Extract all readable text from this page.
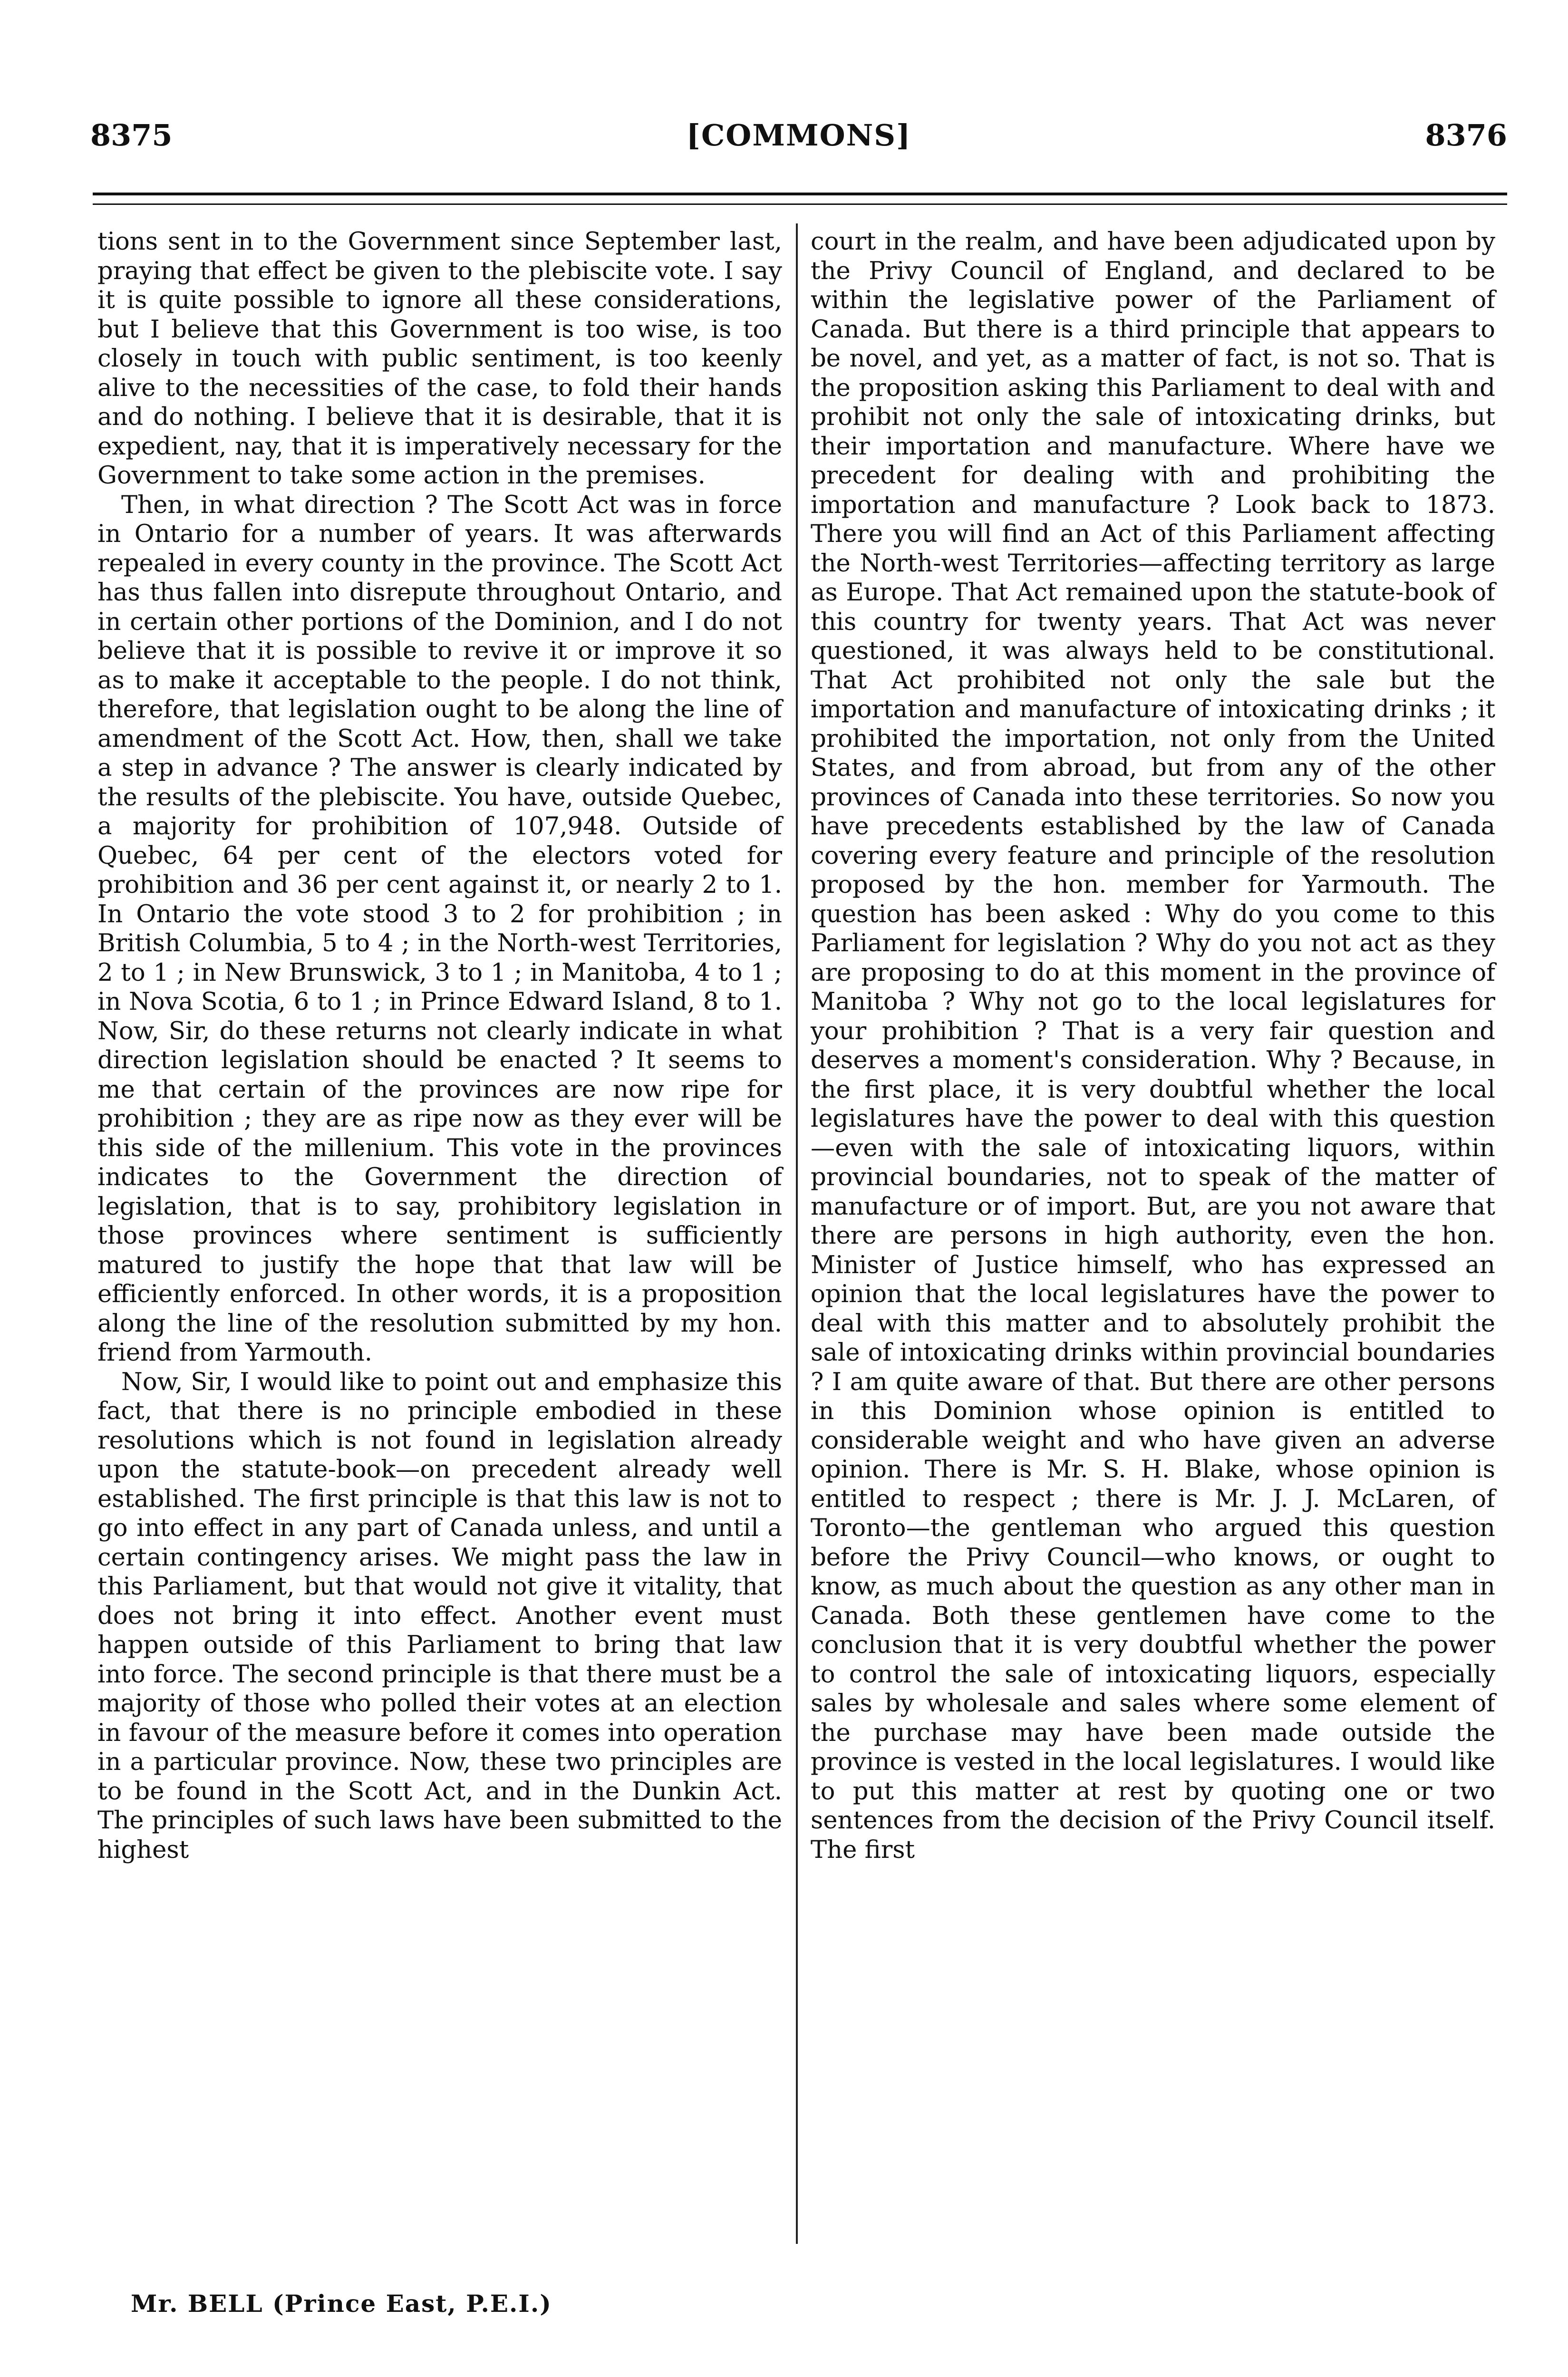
8375	[COMMONS]	8376

tions sent in to the Government since September last, praying that effect be given to the plebiscite vote. I say it is quite possible to ignore all these considerations, but I believe that this Government is too wise, is too closely in touch with public sentiment, is too keenly alive to the necessities of the case, to fold their hands and do nothing. I believe that it is desirable, that it is expedient, nay, that it is imperatively necessary for the Government to take some action in the premises.

Then, in what direction ? The Scott Act was in force in Ontario for a number of years. It was afterwards repealed in every county in the province. The Scott Act has thus fallen into disrepute throughout Ontario, and in certain other portions of the Dominion, and I do not believe that it is possible to revive it or improve it so as to make it acceptable to the people. I do not think, therefore, that legislation ought to be along the line of amendment of the Scott Act. How, then, shall we take a step in advance ? The answer is clearly indicated by the results of the plebiscite. You have, outside Quebec, a majority for prohibition of 107,948. Outside of Quebec, 64 per cent of the electors voted for prohibition and 36 per cent against it, or nearly 2 to 1. In Ontario the vote stood 3 to 2 for prohibition ; in British Columbia, 5 to 4 ; in the North-west Territories, 2 to 1 ; in New Brunswick, 3 to 1 ; in Manitoba, 4 to 1 ; in Nova Scotia, 6 to 1 ; in Prince Edward Island, 8 to 1. Now, Sir, do these returns not clearly indicate in what direction legislation should be enacted ? It seems to me that certain of the provinces are now ripe for prohibition ; they are as ripe now as they ever will be this side of the millenium. This vote in the provinces indicates to the Government the direction of legislation, that is to say, prohibitory legislation in those provinces where sentiment is sufficiently matured to justify the hope that that law will be efficiently enforced. In other words, it is a proposition along the line of the resolution submitted by my hon. friend from Yarmouth.

Now, Sir, I would like to point out and emphasize this fact, that there is no principle embodied in these resolutions which is not found in legislation already upon the statute-book—on precedent already well established. The first principle is that this law is not to go into effect in any part of Canada unless, and until a certain contingency arises. We might pass the law in this Parliament, but that would not give it vitality, that does not bring it into effect. Another event must happen outside of this Parliament to bring that law into force. The second principle is that there must be a majority of those who polled their votes at an election in favour of the measure before it comes into operation in a particular province. Now, these two principles are to be found in the Scott Act, and in the Dunkin Act. The principles of such laws have been submitted to the highest

court in the realm, and have been adjudicated upon by the Privy Council of England, and declared to be within the legislative power of the Parliament of Canada. But there is a third principle that appears to be novel, and yet, as a matter of fact, is not so. That is the proposition asking this Parliament to deal with and prohibit not only the sale of intoxicating drinks, but their importation and manufacture. Where have we precedent for dealing with and prohibiting the importation and manufacture ? Look back to 1873. There you will find an Act of this Parliament affecting the North-west Territories—affecting territory as large as Europe. That Act remained upon the statute-book of this country for twenty years. That Act was never questioned, it was always held to be constitutional. That Act prohibited not only the sale but the importation and manufacture of intoxicating drinks ; it prohibited the importation, not only from the United States, and from abroad, but from any of the other provinces of Canada into these territories. So now you have precedents established by the law of Canada covering every feature and principle of the resolution proposed by the hon. member for Yarmouth. The question has been asked : Why do you come to this Parliament for legislation ? Why do you not act as they are proposing to do at this moment in the province of Manitoba ? Why not go to the local legislatures for your prohibition ? That is a very fair question and deserves a moment's consideration. Why ? Because, in the first place, it is very doubtful whether the local legislatures have the power to deal with this question—even with the sale of intoxicating liquors, within provincial boundaries, not to speak of the matter of manufacture or of import. But, are you not aware that there are persons in high authority, even the hon. Minister of Justice himself, who has expressed an opinion that the local legislatures have the power to deal with this matter and to absolutely prohibit the sale of intoxicating drinks within provincial boundaries ? I am quite aware of that. But there are other persons in this Dominion whose opinion is entitled to considerable weight and who have given an adverse opinion. There is Mr. S. H. Blake, whose opinion is entitled to respect ; there is Mr. J. J. McLaren, of Toronto—the gentleman who argued this question before the Privy Council—who knows, or ought to know, as much about the question as any other man in Canada. Both these gentlemen have come to the conclusion that it is very doubtful whether the power to control the sale of intoxicating liquors, especially sales by wholesale and sales where some element of the purchase may have been made outside the province is vested in the local legislatures. I would like to put this matter at rest by quoting one or two sentences from the decision of the Privy Council itself. The first

Mr. BELL (Prince East, P.E.I.)
